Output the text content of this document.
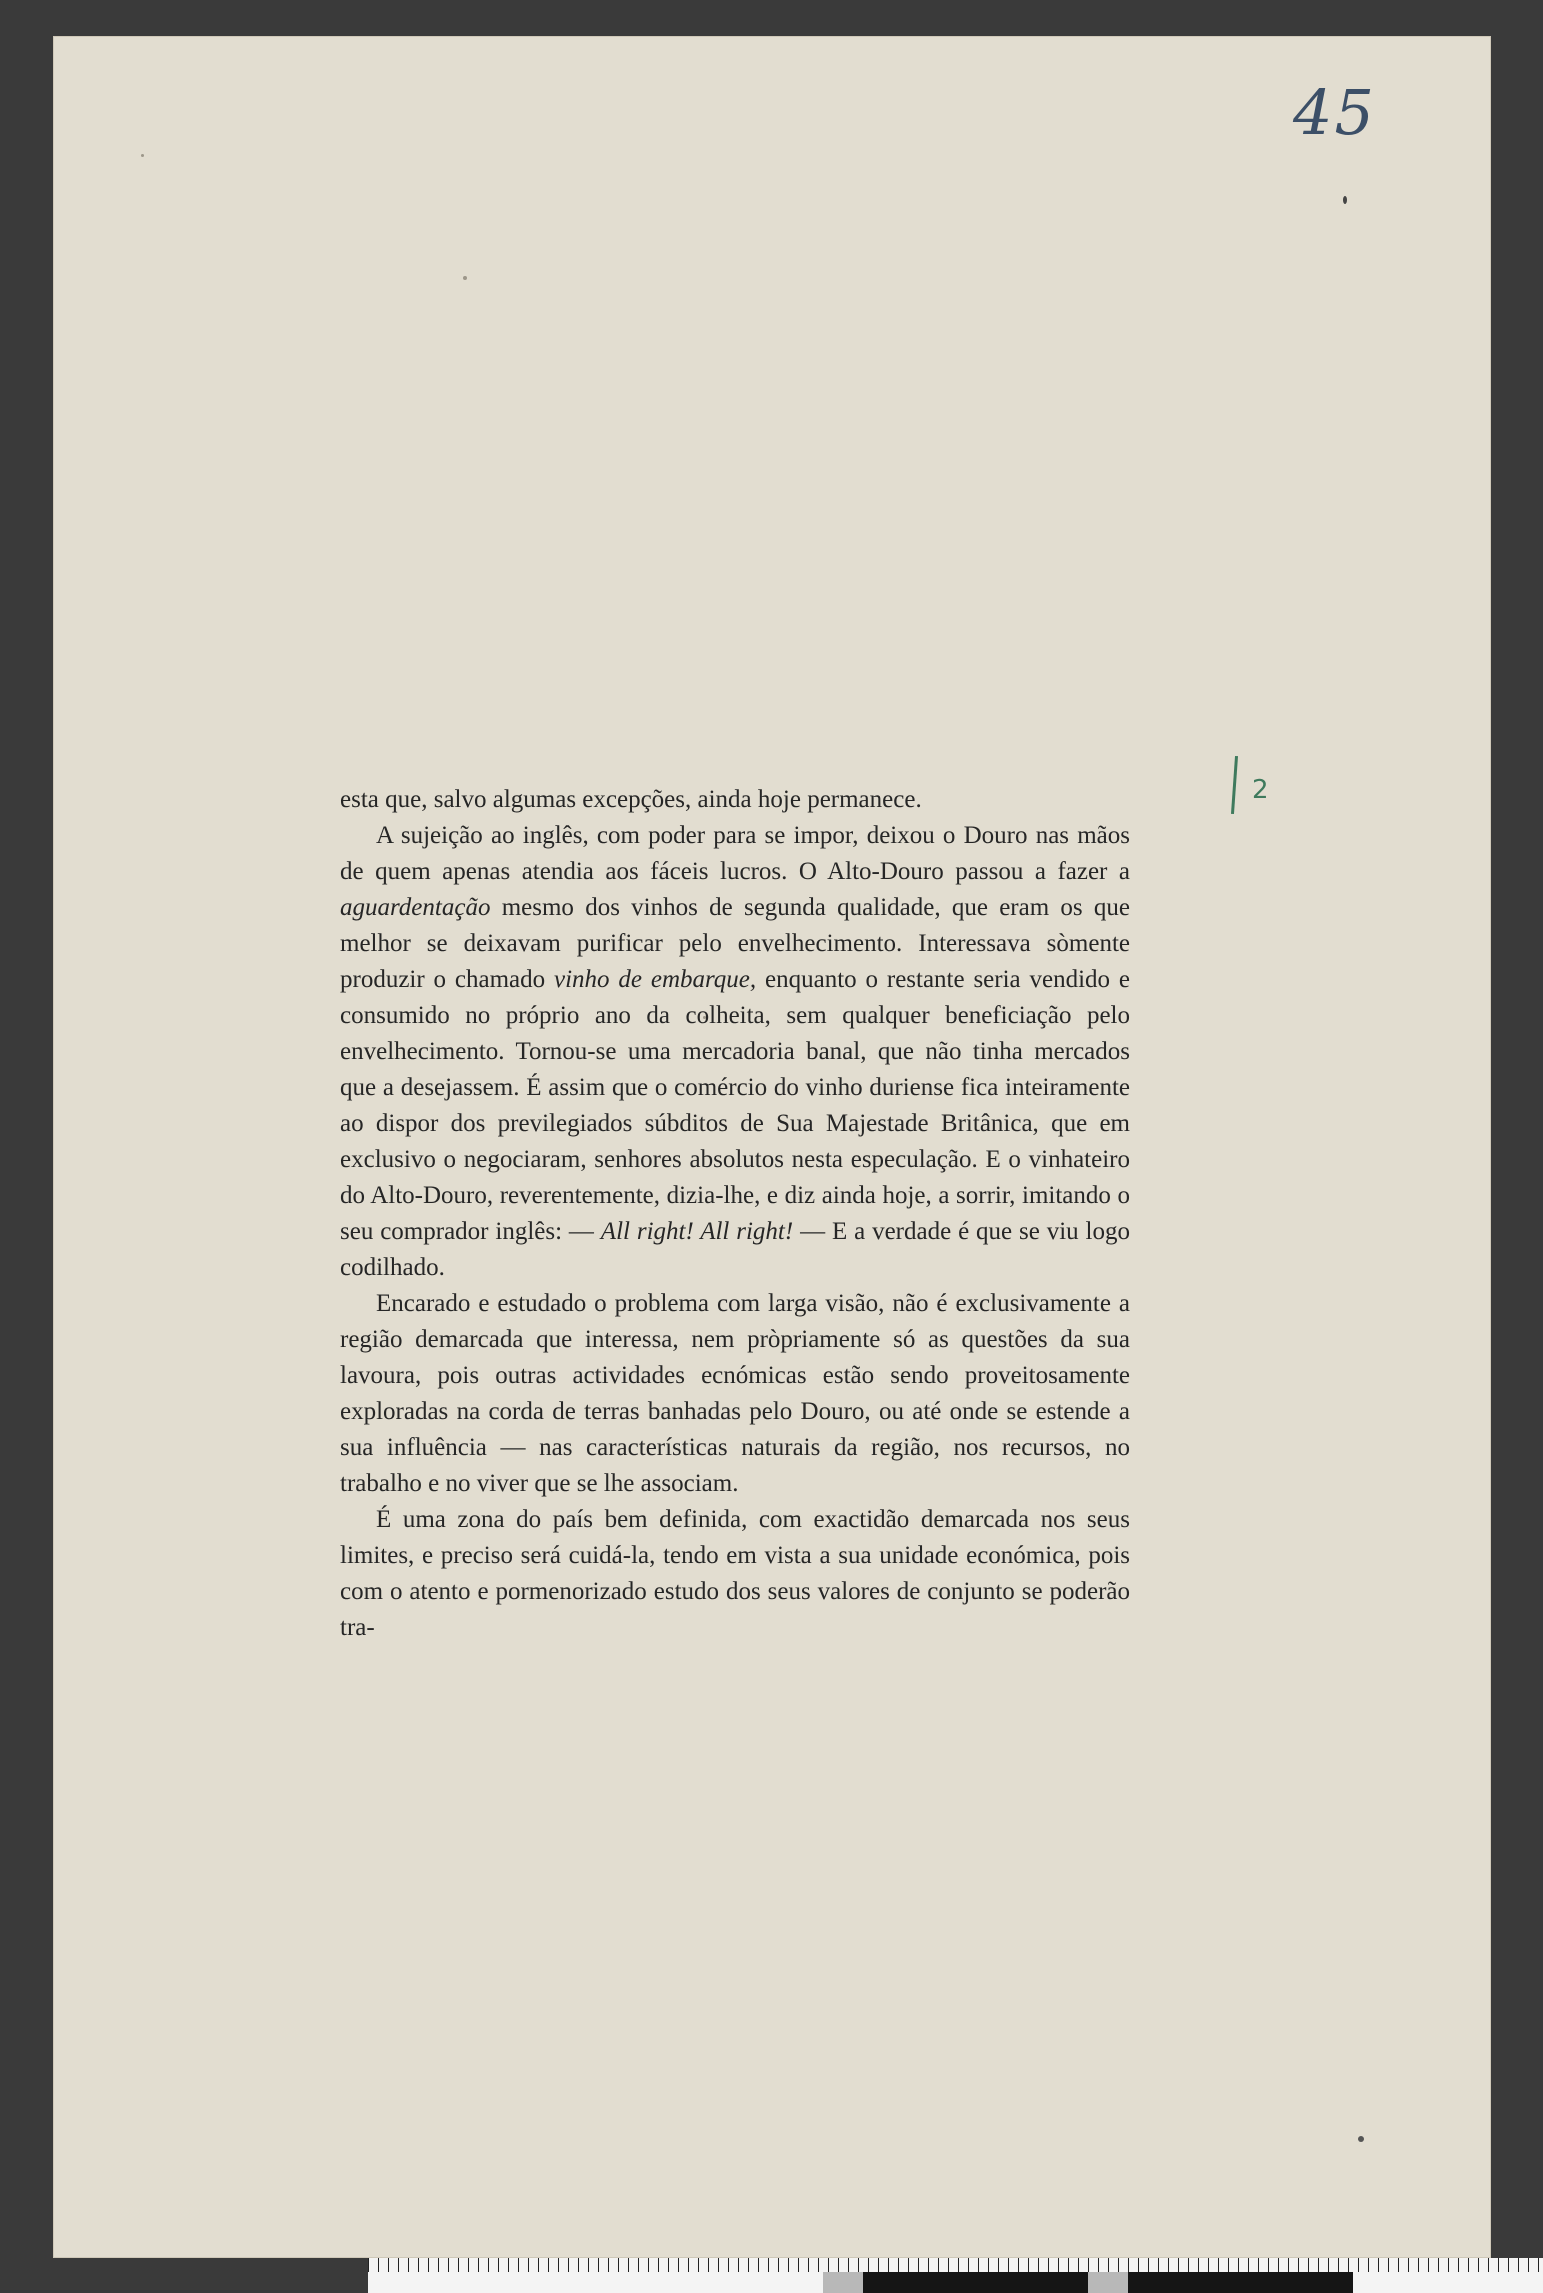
45
2

esta que, salvo algumas excepções, ainda hoje permanece.

A sujeição ao inglês, com poder para se impor, deixou o Douro nas mãos de quem apenas atendia aos fáceis lucros. O Alto-Douro passou a fazer a aguardentação mesmo dos vinhos de segunda qualidade, que eram os que melhor se deixavam purificar pelo envelhecimento. Interessava sòmente produzir o chamado vinho de embarque, enquanto o restante seria vendido e consumido no próprio ano da colheita, sem qualquer beneficiação pelo envelhecimento. Tornou-se uma mercadoria banal, que não tinha mercados que a desejassem. É assim que o comércio do vinho duriense fica inteiramente ao dispor dos previlegiados súbditos de Sua Majestade Britânica, que em exclusivo o negociaram, senhores absolutos nesta especulação. E o vinhateiro do Alto-Douro, reverentemente, dizia-lhe, e diz ainda hoje, a sorrir, imitando o seu comprador inglês: — All right! All right! — E a verdade é que se viu logo codilhado.

Encarado e estudado o problema com larga visão, não é exclusivamente a região demarcada que interessa, nem pròpriamente só as questões da sua lavoura, pois outras actividades ecnómicas estão sendo proveitosamente exploradas na corda de terras banhadas pelo Douro, ou até onde se estende a sua influência — nas características naturais da região, nos recursos, no trabalho e no viver que se lhe associam.

É uma zona do país bem definida, com exactidão demarcada nos seus limites, e preciso será cuidá-la, tendo em vista a sua unidade económica, pois com o atento e pormenorizado estudo dos seus valores de conjunto se poderão tra-
